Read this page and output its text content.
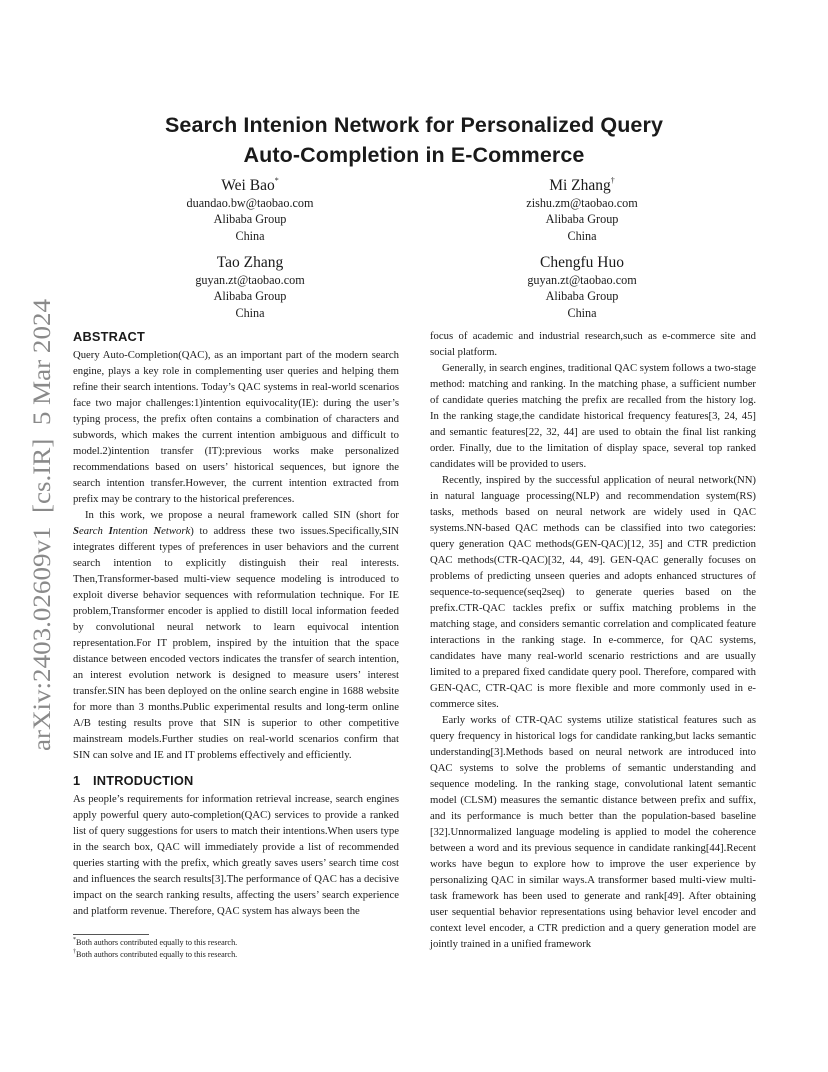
arXiv:2403.02609v1  [cs.IR]  5 Mar 2024
Search Intenion Network for Personalized Query
Auto-Completion in E-Commerce
Wei Bao*
duandao.bw@taobao.com
Alibaba Group
China
Mi Zhang†
zishu.zm@taobao.com
Alibaba Group
China
Tao Zhang
guyan.zt@taobao.com
Alibaba Group
China
Chengfu Huo
guyan.zt@taobao.com
Alibaba Group
China
ABSTRACT

Query Auto-Completion(QAC), as an important part of the modern search engine, plays a key role in complementing user queries and helping them refine their search intentions. Today’s QAC systems in real-world scenarios face two major challenges:1)intention equivocality(IE): during the user’s typing process, the prefix often contains a combination of characters and subwords, which makes the current intention ambiguous and difficult to model.2)intention transfer (IT):previous works make personalized recommendations based on users’ historical sequences, but ignore the search intention transfer.However, the current intention extracted from prefix may be contrary to the historical preferences.

In this work, we propose a neural framework called SIN (short for Search Intention Network) to address these two issues.Specifically,SIN integrates different types of preferences in user behaviors and the current search intention to explicitly distinguish their real interests. Then,Transformer-based multi-view sequence modeling is introduced to exploit diverse behavior sequences with reformulation technique. For IE problem,Transformer encoder is applied to distill local information feeded by convolutional neural network to learn equivocal intention representation.For IT problem, inspired by the intuition that the space distance between encoded vectors indicates the transfer of search intention, an interest evolution network is designed to measure users’ interest transfer.SIN has been deployed on the online search engine in 1688 website for more than 3 months.Public experimental results and long-term online A/B testing results prove that SIN is superior to other competitive mainstream models.Further studies on real-world scenarios confirm that SIN can solve and IE and IT problems effectively and efficiently.

1 INTRODUCTION

As people’s requirements for information retrieval increase, search engines apply powerful query auto-completion(QAC) services to provide a ranked list of query suggestions for users to match their intentions.When users type in the search box, QAC will immediately provide a list of recommended queries starting with the prefix, which greatly saves users’ search time cost and influences the search results[3].The performance of QAC has a decisive impact on the search ranking results, affecting the users’ search experience and platform revenue. Therefore, QAC system has always been the

focus of academic and industrial research,such as e-commerce site and social platform.

Generally, in search engines, traditional QAC system follows a two-stage method: matching and ranking. In the matching phase, a sufficient number of candidate queries matching the prefix are recalled from the history log. In the ranking stage,the candidate historical frequency features[3, 24, 45] and semantic features[22, 32, 44] are used to obtain the final list ranking order. Finally, due to the limitation of display space, several top ranked candidates will be provided to users.

Recently, inspired by the successful application of neural network(NN) in natural language processing(NLP) and recommendation system(RS) tasks, methods based on neural network are widely used in QAC systems.NN-based QAC methods can be classified into two categories: query generation QAC methods(GEN-QAC)[12, 35] and CTR prediction QAC methods(CTR-QAC)[32, 44, 49]. GEN-QAC generally focuses on problems of predicting unseen queries and adopts enhanced structures of sequence-to-sequence(seq2seq) to generate queries based on the prefix.CTR-QAC tackles prefix or suffix matching problems in the matching stage, and considers semantic correlation and complicated feature interactions in the ranking stage. In e-commerce, for QAC systems, candidates have many real-world scenario restrictions and are usually limited to a prepared fixed candidate query pool. Therefore, compared with GEN-QAC, CTR-QAC is more flexible and more commonly used in e-commerce sites.

Early works of CTR-QAC systems utilize statistical features such as query frequency in historical logs for candidate ranking,but lacks semantic understanding[3].Methods based on neural network are introduced into QAC systems to solve the problems of semantic understanding and sequence modeling. In the ranking stage, convolutional latent semantic model (CLSM) measures the semantic distance between prefix and suffix, and its performance is much better than the population-based baseline [32].Unnormalized language modeling is applied to model the coherence between a word and its previous sequence in candidate ranking[44].Recent works have begun to explore how to improve the user experience by personalizing QAC in similar ways.A transformer based multi-view multi-task framework has been used to generate and rank[49]. After obtaining user sequential behavior representations using behavior level encoder and context level encoder, a CTR prediction and a query generation model are jointly trained in a unified framework

*Both authors contributed equally to this research.
†Both authors contributed equally to this research.
